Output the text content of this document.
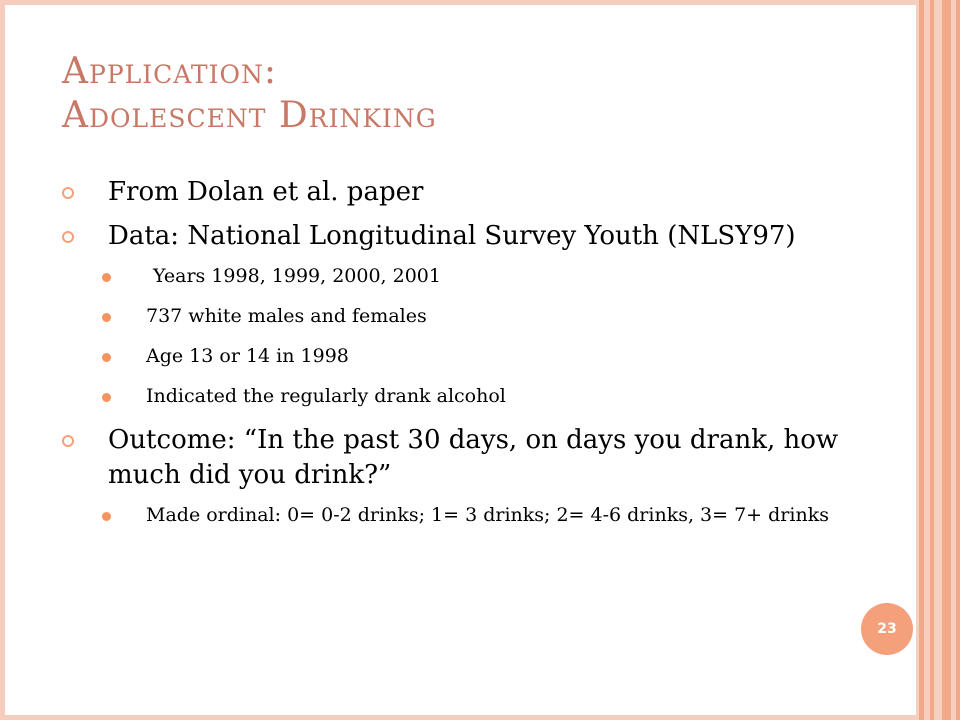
Application:
Adolescent Drinking
From Dolan et al. paper
Data: National Longitudinal Survey Youth (NLSY97)
Years 1998, 1999, 2000, 2001
737 white males and females
Age 13 or 14 in 1998
Indicated the regularly drank alcohol
Outcome: “In the past 30 days, on days you drank, how much did you drink?”
Made ordinal: 0= 0-2 drinks; 1= 3 drinks; 2= 4-6 drinks, 3= 7+ drinks
23
